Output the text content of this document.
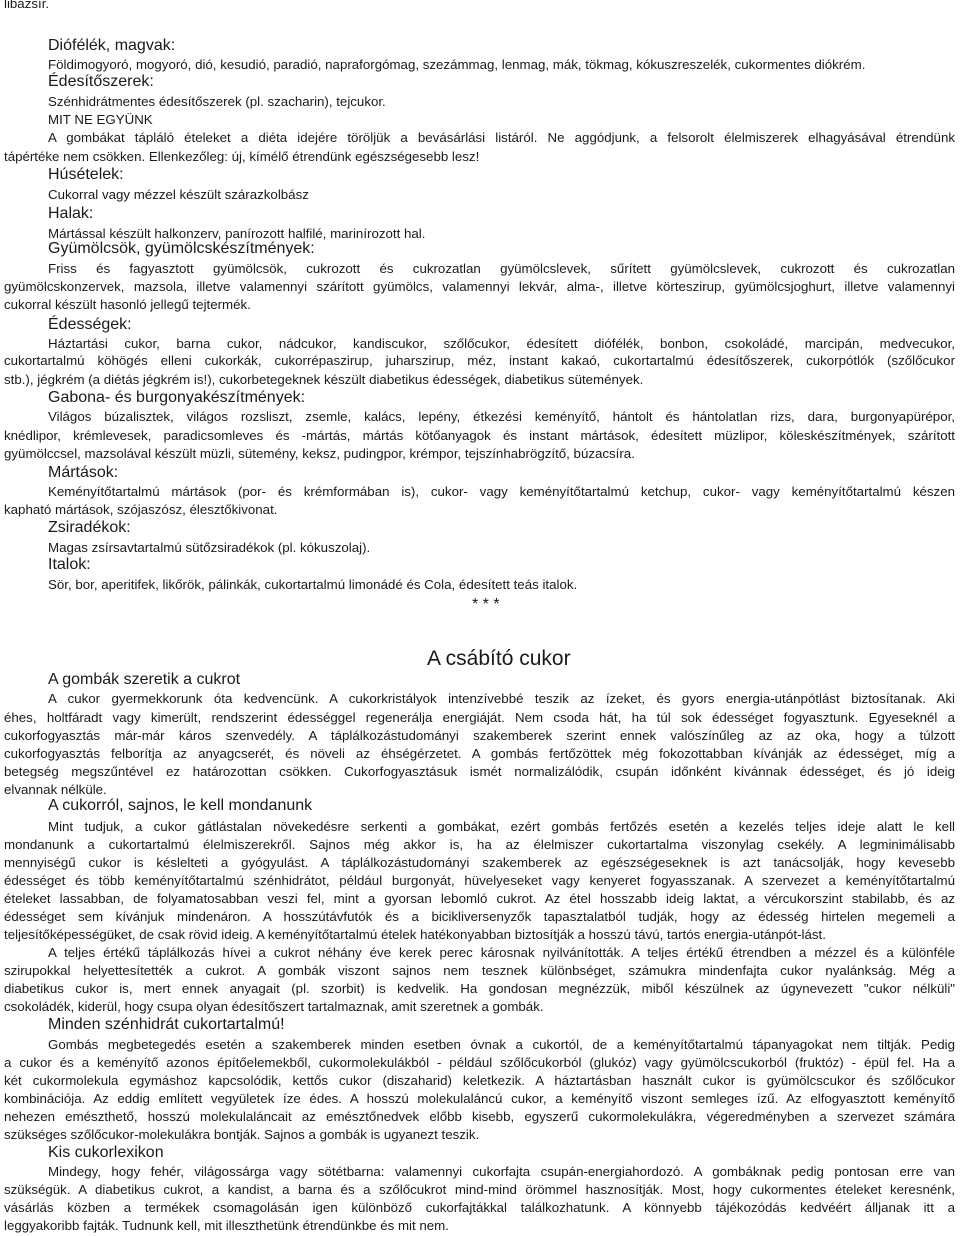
libazsír.
Diófélék, magvak:
Földimogyoró, mogyoró, dió, kesudió, paradió, napraforgómag, szezámmag, lenmag, mák, tökmag, kókuszreszelék, cukormentes diókrém.
Édesítőszerek:
Szénhidrátmentes édesítőszerek (pl. szacharin), tejcukor.
MIT NE EGYÜNK
A gombákat tápláló ételeket a diéta idejére töröljük a bevásárlási listáról. Ne aggódjunk, a felsorolt élelmiszerek elhagyásával étrendünk
tápértéke nem csökken. Ellenkezőleg: új, kímélő étrendünk egészségesebb lesz!
Húsételek:
Cukorral vagy mézzel készült szárazkolbász
Halak:
Mártással készült halkonzerv, panírozott halfilé, marinírozott hal.
Gyümölcsök, gyümölcskészítmények:
Friss és fagyasztott gyümölcsök, cukrozott és cukrozatlan gyümölcslevek, sűrített gyümölcslevek, cukrozott és cukrozatlan
gyümölcskonzervek, mazsola, illetve valamennyi szárított gyümölcs, valamennyi lekvár, alma-, illetve körteszirup, gyümölcsjoghurt, illetve valamennyi
cukorral készült hasonló jellegű tejtermék.
Édességek:
Háztartási cukor, barna cukor, nádcukor, kandiscukor, szőlőcukor, édesített diófélék, bonbon, csokoládé, marcipán, medvecukor,
cukortartalmú köhögés elleni cukorkák, cukorrépaszirup, juharszirup, méz, instant kakaó, cukortartalmú édesítőszerek, cukorpótlók (szőlőcukor
stb.), jégkrém (a diétás jégkrém is!), cukorbetegeknek készült diabetikus édességek, diabetikus sütemények.
Gabona- és burgonyakészítmények:
Világos búzalisztek, világos rozsliszt, zsemle, kalács, lepény, étkezési keményítő, hántolt és hántolatlan rizs, dara, burgonyapürépor,
knédlipor, krémlevesek, paradicsomleves és -mártás, mártás kötőanyagok és instant mártások, édesített müzlipor, köleskészítmények, szárított
gyümölccsel, mazsolával készült müzli, sütemény, keksz, pudingpor, krémpor, tejszínhabrögzítő, búzacsíra.
Mártások:
Keményítőtartalmú mártások (por- és krémformában is), cukor- vagy keményítőtartalmú ketchup, cukor- vagy keményítőtartalmú készen
kapható mártások, szójaszósz, élesztőkivonat.
Zsiradékok:
Magas zsírsavtartalmú sütőzsiradékok (pl. kókuszolaj).
Italok:
Sör, bor, aperitifek, likőrök, pálinkák, cukortartalmú limonádé és Cola, édesített teás italok.
* * *
A csábító cukor
A gombák szeretik a cukrot
A cukor gyermekkorunk óta kedvencünk. A cukorkristályok intenzívebbé teszik az ízeket, és gyors energia-utánpótlást biztosítanak. Aki
éhes, holtfáradt vagy kimerült, rendszerint édességgel regenerálja energiáját. Nem csoda hát, ha túl sok édességet fogyasztunk. Egyeseknél a
cukorfogyasztás már-már káros szenvedély. A táplálkozástudományi szakemberek szerint ennek valószínűleg az az oka, hogy a túlzott
cukorfogyasztás felborítja az anyagcserét, és növeli az éhségérzetet. A gombás fertőzöttek még fokozottabban kívánják az édességet, míg a
betegség megszűntével ez határozottan csökken. Cukorfogyasztásuk ismét normalizálódik, csupán időnként kívánnak édességet, és jó ideig
elvannak nélküle.
A cukorról, sajnos, le kell mondanunk
Mint tudjuk, a cukor gátlástalan növekedésre serkenti a gombákat, ezért gombás fertőzés esetén a kezelés teljes ideje alatt le kell
mondanunk a cukortartalmú élelmiszerekről. Sajnos még akkor is, ha az élelmiszer cukortartalma viszonylag csekély. A legminimálisabb
mennyiségű cukor is késlelteti a gyógyulást. A táplálkozástudományi szakemberek az egészségeseknek is azt tanácsolják, hogy kevesebb
édességet és több keményítőtartalmú szénhidrátot, például burgonyát, hüvelyeseket vagy kenyeret fogyasszanak. A szervezet a keményítőtartalmú
ételeket lassabban, de folyamatosabban veszi fel, mint a gyorsan lebomló cukrot. Az étel hosszabb ideig laktat, a vércukorszint stabilabb, és az
édességet sem kívánjuk mindenáron. A hosszútávfutók és a bicikliversenyzők tapasztalatból tudják, hogy az édesség hirtelen megemeli a
teljesítőképességüket, de csak rövid ideig. A keményítőtartalmú ételek hatékonyabban biztosítják a hosszú távú, tartós energia-utánpót-lást.
A teljes értékű táplálkozás hívei a cukrot néhány éve kerek perec károsnak nyilvánították. A teljes értékű étrendben a mézzel és a különféle
szirupokkal helyettesítették a cukrot. A gombák viszont sajnos nem tesznek különbséget, számukra mindenfajta cukor nyalánkság. Még a
diabetikus cukor is, mert ennek anyagait (pl. szorbit) is kedvelik. Ha gondosan megnézzük, miből készülnek az úgynevezett "cukor nélküli"
csokoládék, kiderül, hogy csupa olyan édesítőszert tartalmaznak, amit szeretnek a gombák.
Minden szénhidrát cukortartalmú!
Gombás megbetegedés esetén a szakemberek minden esetben óvnak a cukortól, de a keményítőtartalmú tápanyagokat nem tiltják. Pedig
a cukor és a keményítő azonos építőelemekből, cukormolekulákból - például szőlőcukorból (glukóz) vagy gyümölcscukorból (fruktóz) - épül fel. Ha a
két cukormolekula egymáshoz kapcsolódik, kettős cukor (diszaharid) keletkezik. A háztartásban használt cukor is gyümölcscukor és szőlőcukor
kombinációja. Az eddig említett vegyületek íze édes. A hosszú molekulaláncú cukor, a keményítő viszont semleges ízű. Az elfogyasztott keményítő
nehezen emészthető, hosszú molekulaláncait az emésztőnedvek előbb kisebb, egyszerű cukormolekulákra, végeredményben a szervezet számára
szükséges szőlőcukor-molekulákra bontják. Sajnos a gombák is ugyanezt teszik.
Kis cukorlexikon
Mindegy, hogy fehér, világossárga vagy sötétbarna: valamennyi cukorfajta csupán-energiahordozó. A gombáknak pedig pontosan erre van
szükségük. A diabetikus cukrot, a kandist, a barna és a szőlőcukrot mind-mind örömmel hasznosítják. Most, hogy cukormentes ételeket keresnénk,
vásárlás közben a termékek csomagolásán igen különböző cukorfajtákkal találkozhatunk. A könnyebb tájékozódás kedvéért álljanak itt a
leggyakoribb fajták. Tudnunk kell, mit illeszthetünk étrendünkbe és mit nem.
